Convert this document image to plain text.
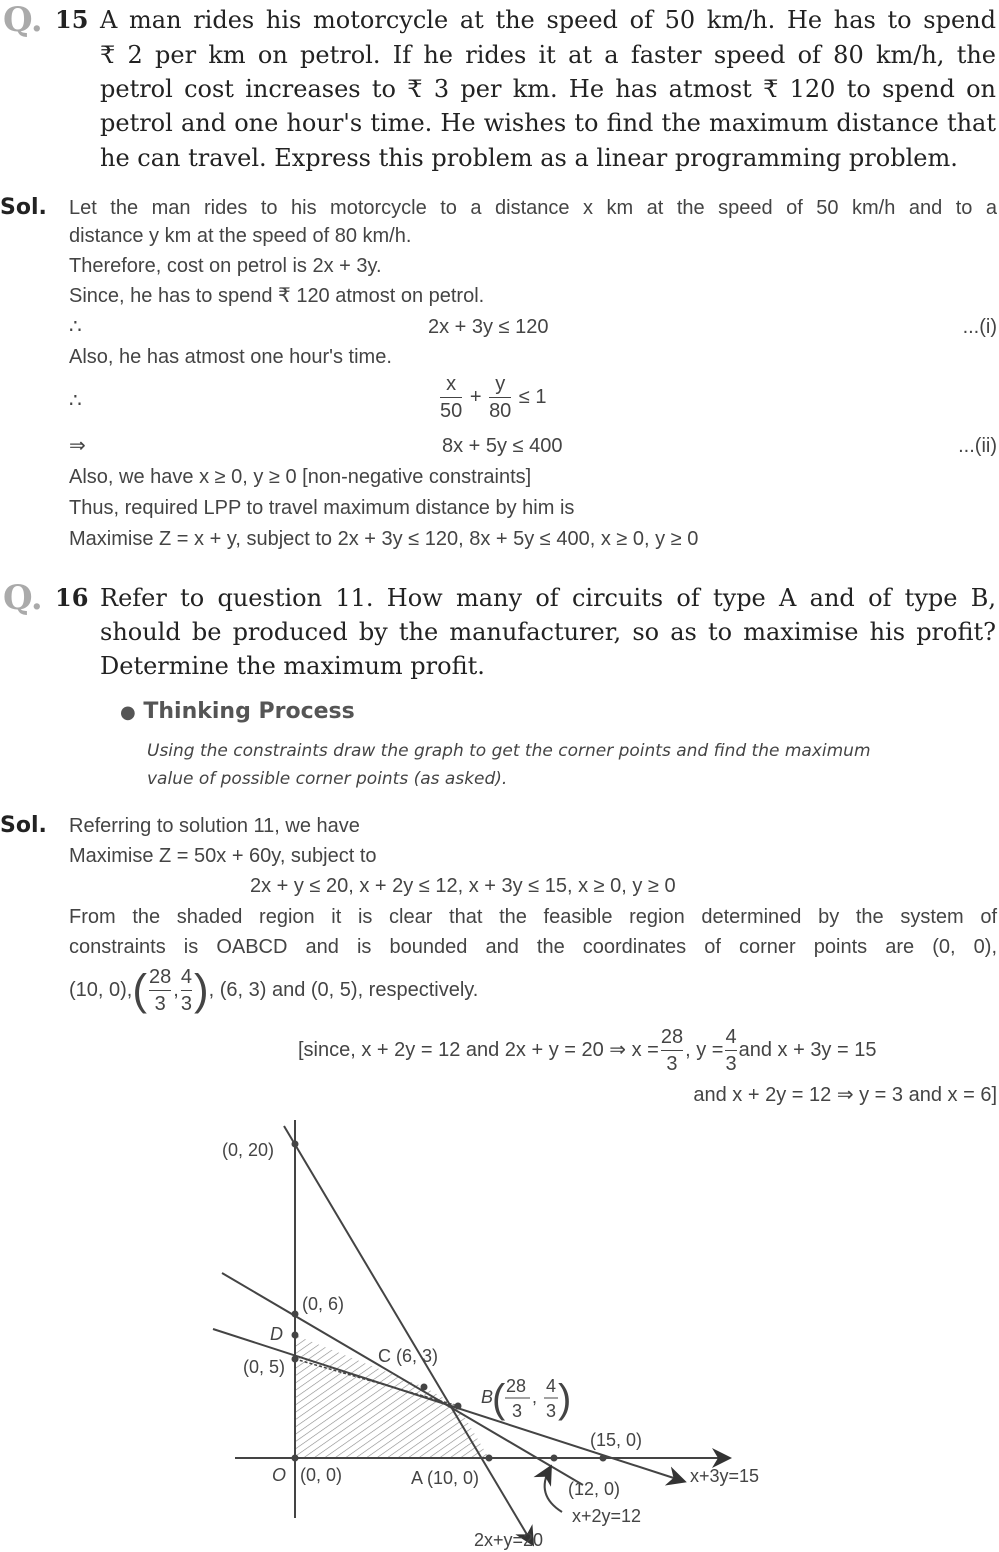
Q. 15 A man rides his motorcycle at the speed of 50 km/h. He has to spend
₹ 2 per km on petrol. If he rides it at a faster speed of 80 km/h, the
petrol cost increases to ₹ 3 per km. He has atmost ₹ 120 to spend on
petrol and one hour's time. He wishes to find the maximum distance that
he can travel. Express this problem as a linear programming problem.
Sol. Let the man rides to his motorcycle to a distance x km at the speed of 50 km/h and to a
distance y km at the speed of 80 km/h.
Therefore, cost on petrol is 2x + 3y.
Since, he has to spend ₹ 120 atmost on petrol.
∴	2x + 3y ≤ 120	...(i)
Also, he has atmost one hour's time.
∴	$\frac{x}{50} + \frac{y}{80} \le 1$
⇒	8x + 5y ≤ 400	...(ii)
Also, we have x ≥ 0, y ≥ 0 [non-negative constraints]
Thus, required LPP to travel maximum distance by him is
Maximise Z = x + y, subject to 2x + 3y ≤ 120, 8x + 5y ≤ 400, x ≥ 0, y ≥ 0
Q. 16 Refer to question 11. How many of circuits of type A and of type B,
should be produced by the manufacturer, so as to maximise his profit?
Determine the maximum profit.
● Thinking Process
Using the constraints draw the graph to get the corner points and find the maximum
value of possible corner points (as asked).
Sol. Referring to solution 11, we have
Maximise Z = 50x + 60y, subject to
2x + y ≤ 20, x + 2y ≤ 12, x + 3y ≤ 15, x ≥ 0, y ≥ 0
From the shaded region it is clear that the feasible region determined by the system of
constraints is OABCD and is bounded and the coordinates of corner points are (0, 0),
(10, $0),( \frac{28}{3}$ , $\frac{4}{3}$ ), (6, 3) and (0, 5), respectively.
[since, x + 2y = 12 and 2x + y = 20 ⇒ $x = \frac{28}{3}$ , $y = \frac{4}{3}$ and x + 3y = 15
and x + 2y = 12 ⇒ y = 3 and x = 6]
(0, 20)
(0, 6)
D
(0, 5)
C (6, 3)
B
( 28
3
,
4
3 )
(15, 0)
O (0, 0)	A (10, 0)
(12, 0)
x+3y=15
x+2y=12
2x+y=20
